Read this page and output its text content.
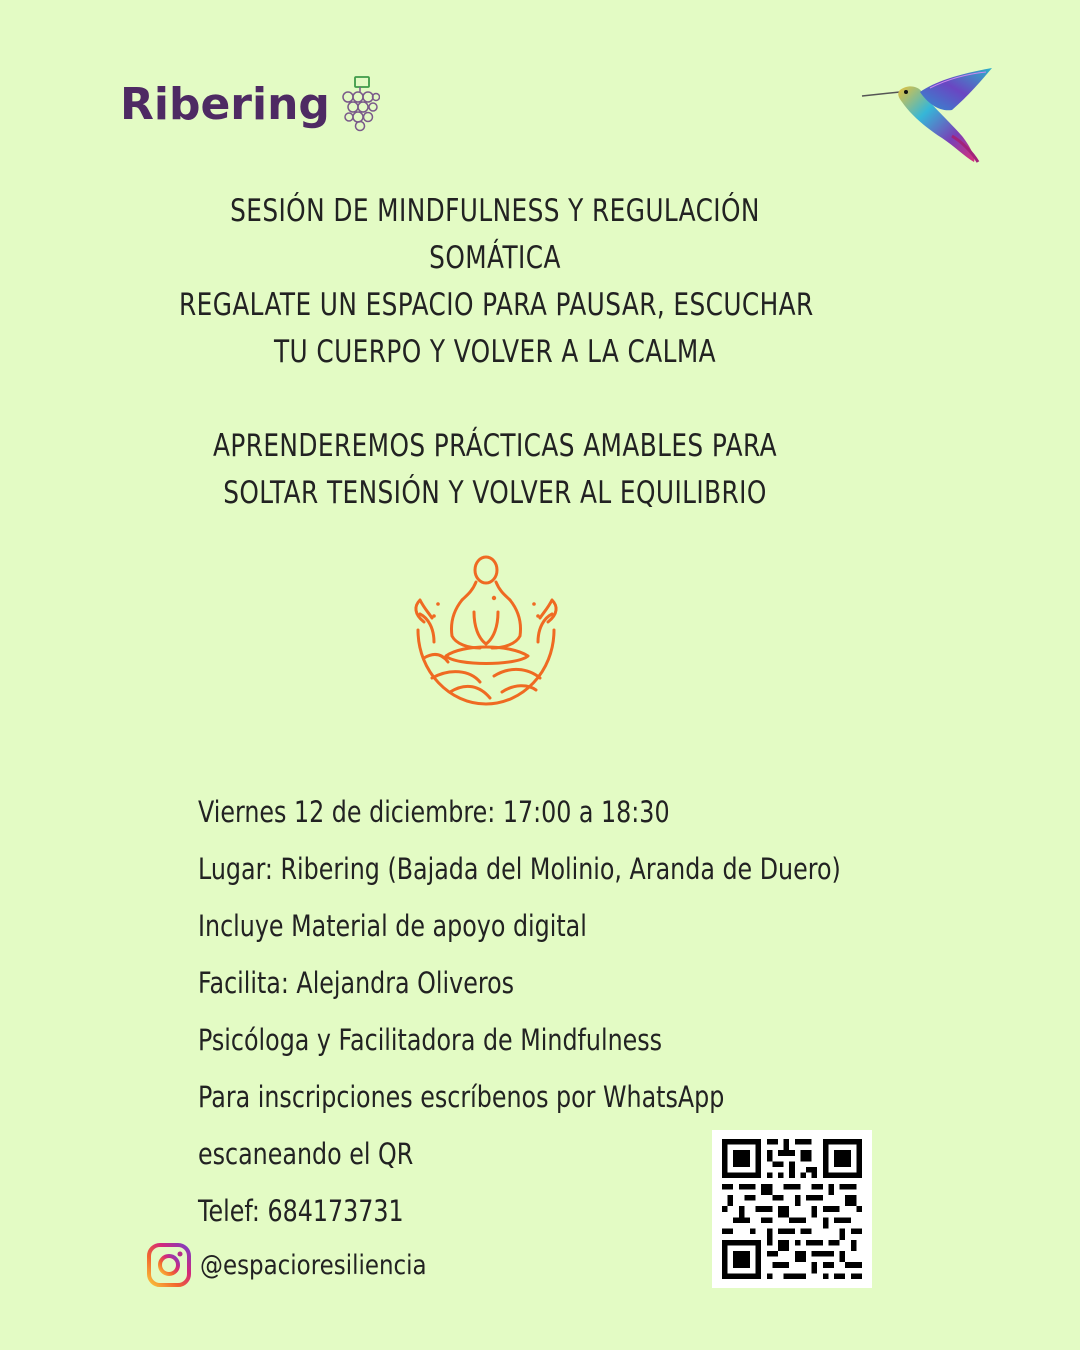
Ribering
SESIÓN DE MINDFULNESS Y REGULACIÓN
SOMÁTICA
REGALATE UN ESPACIO PARA PAUSAR, ESCUCHAR
TU CUERPO Y VOLVER A LA CALMA
APRENDEREMOS PRÁCTICAS AMABLES PARA
SOLTAR TENSIÓN Y VOLVER AL EQUILIBRIO
Viernes 12 de diciembre: 17:00 a 18:30
Lugar: Ribering (Bajada del Molinio, Aranda de Duero)
Incluye Material de apoyo digital
Facilita: Alejandra Oliveros
Psicóloga y Facilitadora de Mindfulness
Para inscripciones escríbenos por WhatsApp
escaneando el QR
Telef: 684173731
@espacioresiliencia
